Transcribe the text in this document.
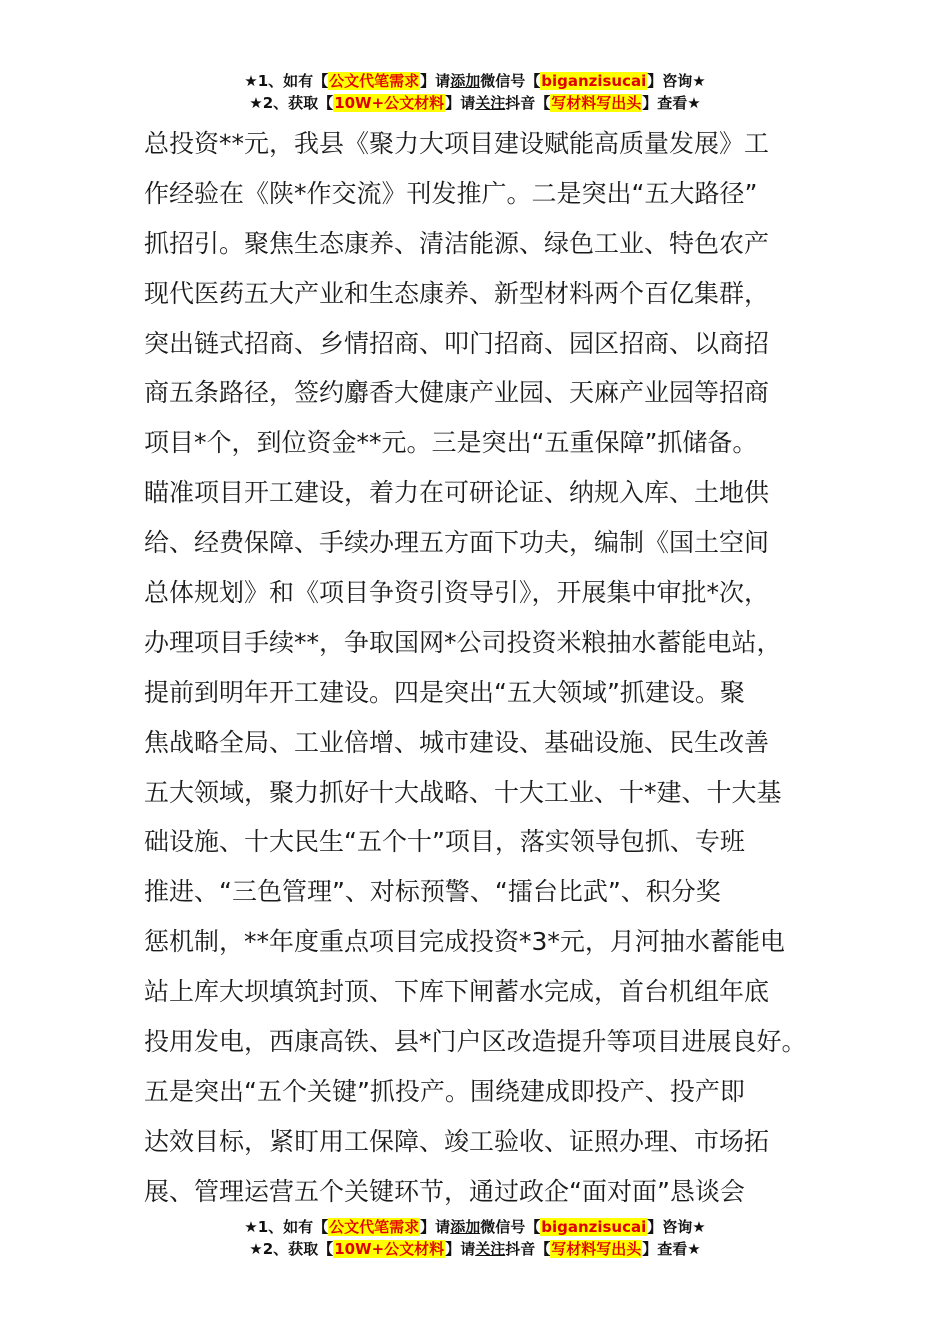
★1、如有【公文代笔需求】请添加微信号【biganzisucai】咨询★
★2、获取【10W+公文材料】请关注抖音【写材料写出头】查看★
总投资**元，我县《聚力大项目建设赋能高质量发展》工
作经验在《陕*作交流》刊发推广。二是突出“五大路径”
抓招引。聚焦生态康养、清洁能源、绿色工业、特色农产
现代医药五大产业和生态康养、新型材料两个百亿集群，
突出链式招商、乡情招商、叩门招商、园区招商、以商招
商五条路径，签约麝香大健康产业园、天麻产业园等招商
项目*个，到位资金**元。三是突出“五重保障”抓储备。
瞄准项目开工建设，着力在可研论证、纳规入库、土地供
给、经费保障、手续办理五方面下功夫，编制《国土空间
总体规划》和《项目争资引资导引》，开展集中审批*次，
办理项目手续**，争取国网*公司投资米粮抽水蓄能电站，
提前到明年开工建设。四是突出“五大领域”抓建设。聚
焦战略全局、工业倍增、城市建设、基础设施、民生改善
五大领域，聚力抓好十大战略、十大工业、十*建、十大基
础设施、十大民生“五个十”项目，落实领导包抓、专班
推进、“三色管理”、对标预警、“擂台比武”、积分奖
惩机制，**年度重点项目完成投资*3*元，月河抽水蓄能电
站上库大坝填筑封顶、下库下闸蓄水完成，首台机组年底
投用发电，西康高铁、县*门户区改造提升等项目进展良好。
五是突出“五个关键”抓投产。围绕建成即投产、投产即
达效目标，紧盯用工保障、竣工验收、证照办理、市场拓
展、管理运营五个关键环节，通过政企“面对面”恳谈会
★1、如有【公文代笔需求】请添加微信号【biganzisucai】咨询★
★2、获取【10W+公文材料】请关注抖音【写材料写出头】查看★
